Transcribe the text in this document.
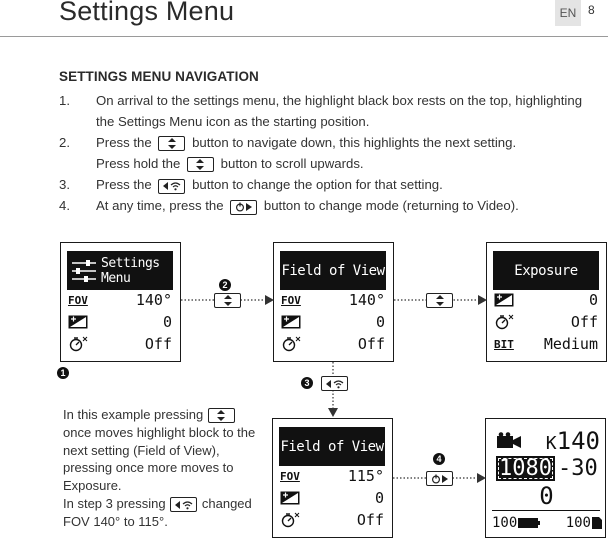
Settings Menu	EN 8
SETTINGS MENU NAVIGATION
1.	On arrival to the settings menu, the highlight black box rests on the top, highlighting the Settings Menu icon as the starting position.
2.	Press the	button to navigate down, this highlights the next setting.
Press hold the	button to scroll upwards.
3.	Press the	button to change the option for that setting.
4.	At any time, press the	button to change mode (returning to Video).
Settings
Menu
FOV	140°
0
Off
Field of View
FOV	140°
0
Off
Exposure
0
Off
BIT Medium
Field of View
FOV	115°
0
Off
K140
1080 -30
0
100	100
1
2
3
4

In this example pressing
once moves highlight block to the next setting (Field of View), pressing once more moves to Exposure.

In step 3 pressing	changed FOV 140° to 115°.
